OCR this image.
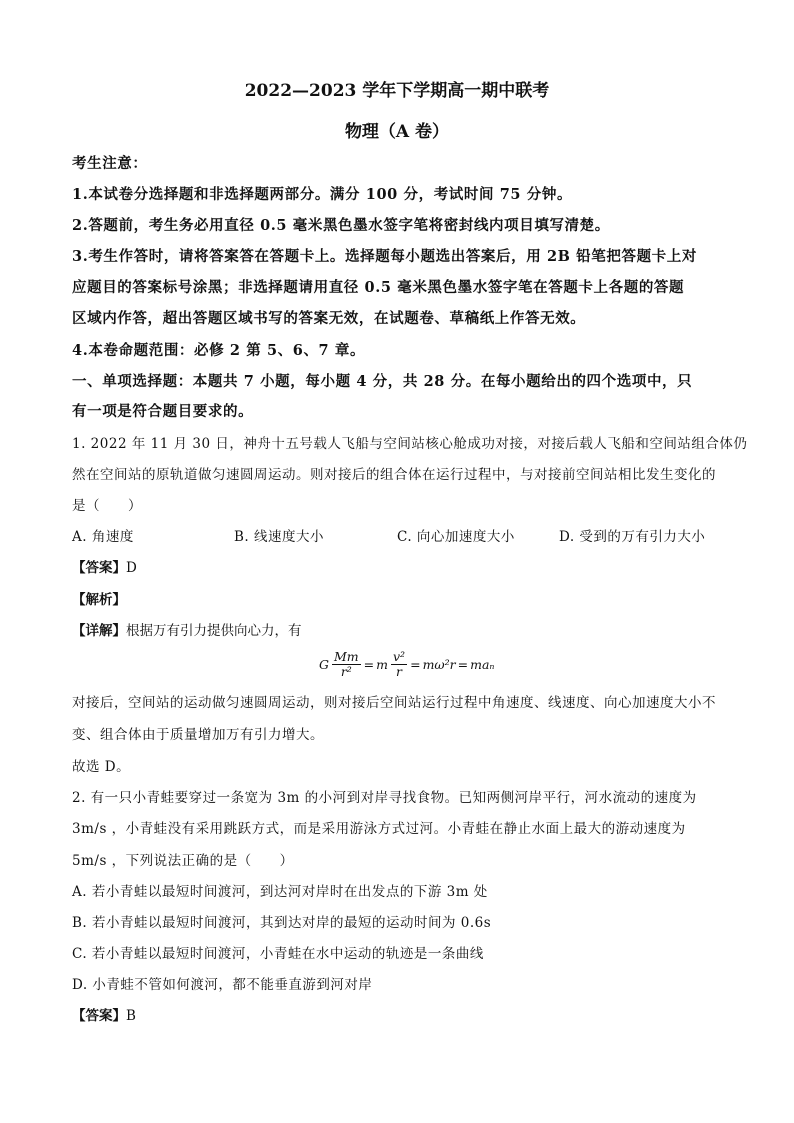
2022—2023 学年下学期高一期中联考
物理（A 卷）
考生注意：
1.本试卷分选择题和非选择题两部分。满分 100 分，考试时间 75 分钟。
2.答题前，考生务必用直径 0.5 毫米黑色墨水签字笔将密封线内项目填写清楚。
3.考生作答时，请将答案答在答题卡上。选择题每小题选出答案后，用 2B 铅笔把答题卡上对
应题目的答案标号涂黑；非选择题请用直径 0.5 毫米黑色墨水签字笔在答题卡上各题的答题
区域内作答，超出答题区域书写的答案无效，在试题卷、草稿纸上作答无效。
4.本卷命题范围：必修 2 第 5、6、7 章。
一、单项选择题：本题共 7 小题，每小题 4 分，共 28 分。在每小题给出的四个选项中，只
有一项是符合题目要求的。
1. 2022 年 11 月 30 日，神舟十五号载人飞船与空间站核心舱成功对接，对接后载人飞船和空间站组合体仍
然在空间站的原轨道做匀速圆周运动。则对接后的组合体在运行过程中，与对接前空间站相比发生变化的
是（　　）
A. 角速度	B. 线速度大小	C. 向心加速度大小	D. 受到的万有引力大小
【答案】D
【解析】
【详解】根据万有引力提供向心力，有
G $\frac{Mm}{\text{r²}} = m \frac{\text{v²}}{r} = m\omega^2r = ma_n$
对接后，空间站的运动做匀速圆周运动，则对接后空间站运行过程中角速度、线速度、向心加速度大小不
变、组合体由于质量增加万有引力增大。
故选 D。
2. 有一只小青蛙要穿过一条宽为 3m 的小河到对岸寻找食物。已知两侧河岸平行，河水流动的速度为
3m/s ，小青蛙没有采用跳跃方式，而是采用游泳方式过河。小青蛙在静止水面上最大的游动速度为
5m/s ，下列说法正确的是（　　）
A. 若小青蛙以最短时间渡河，到达河对岸时在出发点的下游 3m 处
B. 若小青蛙以最短时间渡河，其到达对岸的最短的运动时间为 0.6s
C. 若小青蛙以最短时间渡河，小青蛙在水中运动的轨迹是一条曲线
D. 小青蛙不管如何渡河，都不能垂直游到河对岸
【答案】B
